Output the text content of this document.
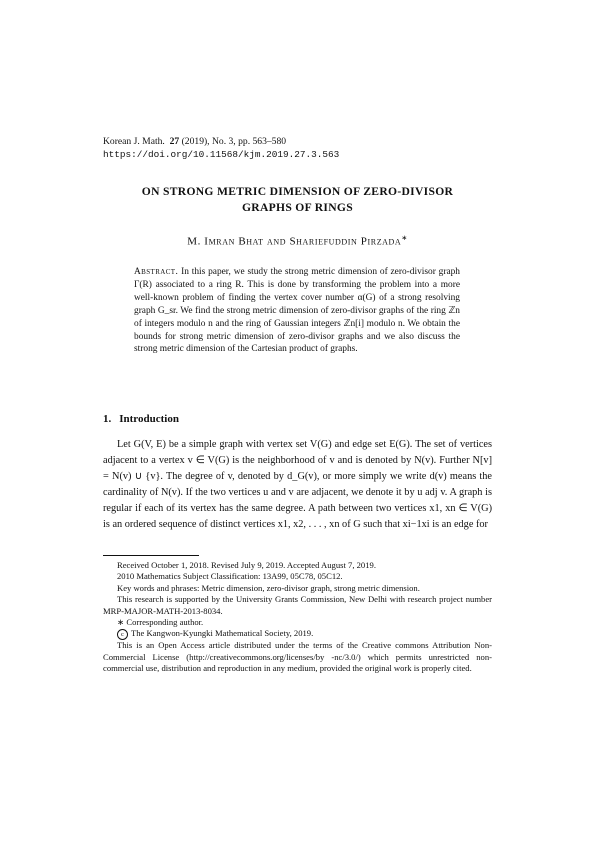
Korean J. Math. 27 (2019), No. 3, pp. 563–580
https://doi.org/10.11568/kjm.2019.27.3.563
ON STRONG METRIC DIMENSION OF ZERO-DIVISOR
GRAPHS OF RINGS
M. Imran Bhat and Shariefuddin Pirzada∗
Abstract. In this paper, we study the strong metric dimension of zero-divisor graph Γ(R) associated to a ring R. This is done by transforming the problem into a more well-known problem of finding the vertex cover number α(G) of a strong resolving graph G_sr. We find the strong metric dimension of zero-divisor graphs of the ring ℤn of integers modulo n and the ring of Gaussian integers ℤn[i] modulo n. We obtain the bounds for strong metric dimension of zero-divisor graphs and we also discuss the strong metric dimension of the Cartesian product of graphs.
1. Introduction
Let G(V, E) be a simple graph with vertex set V(G) and edge set E(G). The set of vertices adjacent to a vertex v ∈ V(G) is the neighborhood of v and is denoted by N(v). Further N[v] = N(v) ∪ {v}. The degree of v, denoted by d_G(v), or more simply we write d(v) means the cardinality of N(v). If the two vertices u and v are adjacent, we denote it by u adj v. A graph is regular if each of its vertex has the same degree. A path between two vertices x1, xn ∈ V(G) is an ordered sequence of distinct vertices x1, x2, . . . , xn of G such that xi−1xi is an edge for

Received October 1, 2018. Revised July 9, 2019. Accepted August 7, 2019.

2010 Mathematics Subject Classification: 13A99, 05C78, 05C12.

Key words and phrases: Metric dimension, zero-divisor graph, strong metric dimension.

This research is supported by the University Grants Commission, New Delhi with research project number MRP-MAJOR-MATH-2013-8034.

∗ Corresponding author.

c The Kangwon-Kyungki Mathematical Society, 2019.

This is an Open Access article distributed under the terms of the Creative commons Attribution Non-Commercial License (http://creativecommons.org/licenses/by -nc/3.0/) which permits unrestricted non-commercial use, distribution and reproduction in any medium, provided the original work is properly cited.
